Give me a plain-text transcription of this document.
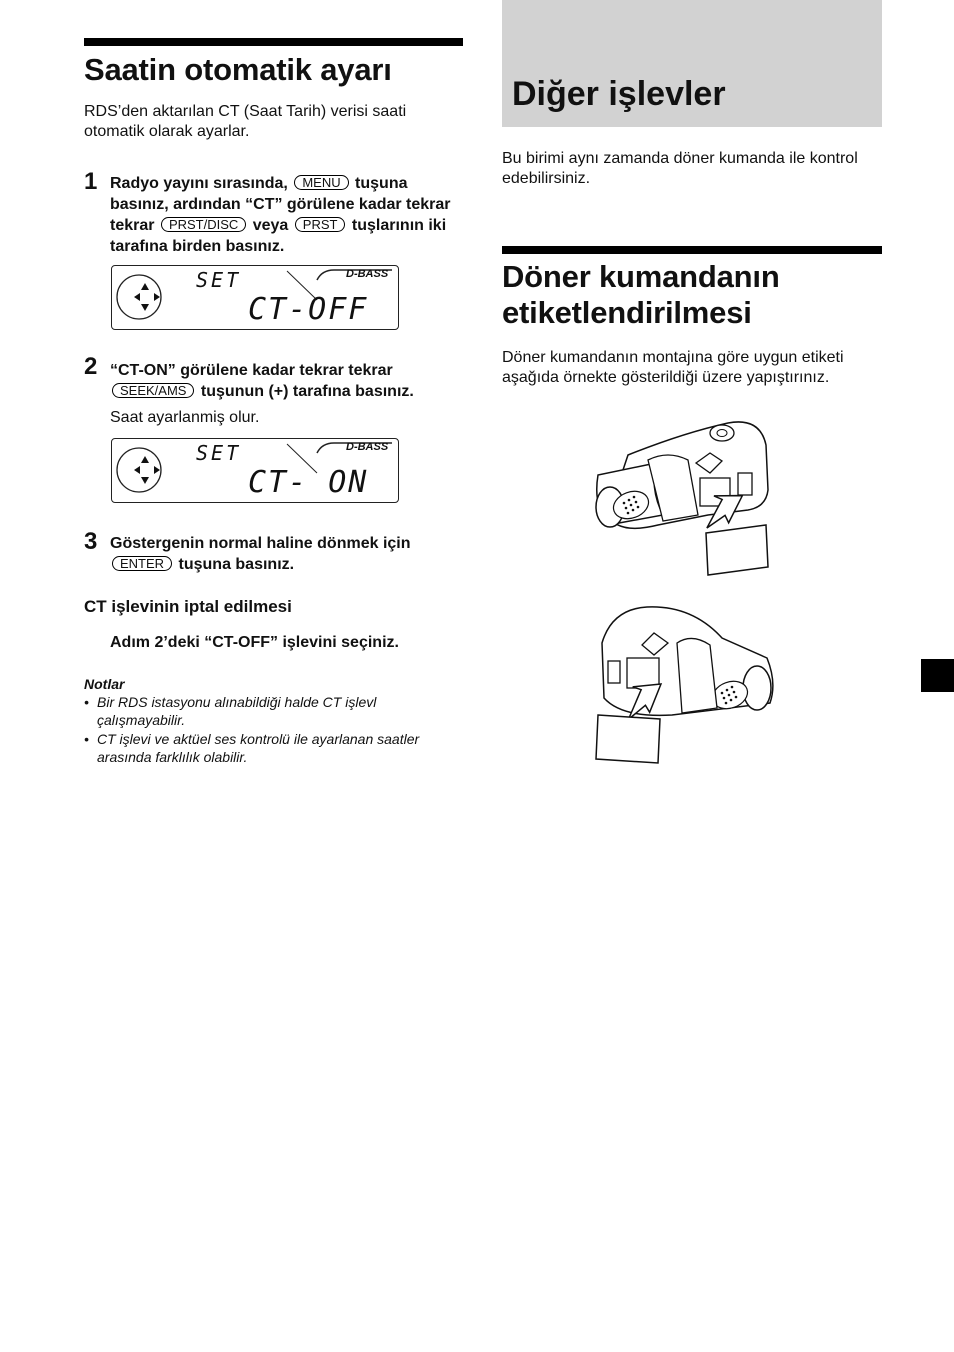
Saatin otomatik ayarı
RDS’den aktarılan CT (Saat Tarih) verisi saati otomatik olarak ayarlar.
1 Radyo yayını sırasında, MENU tuşuna basınız, ardından “CT” görülene kadar tekrar tekrar PRST/DISC veya PRST tuşlarının iki tarafına birden basınız.
SET	D-BASS
CT-OFF
2 “CT-ON” görülene kadar tekrar tekrar SEEK/AMS tuşunun (+) tarafına basınız.
Saat ayarlanmiş olur.
SET	D-BASS
CT- ON
3 Göstergenin normal haline dönmek için ENTER tuşuna basınız.
CT işlevinin iptal edilmesi
Adım 2’deki “CT-OFF” işlevini seçiniz.
Notlar
• Bir RDS istasyonu alınabildiği halde CT işlevl çalışmayabilir.
• CT işlevi ve aktüel ses kontrolü ile ayarlanan saatler arasında farklılık olabilir.
Diğer işlevler
Bu birimi aynı zamanda döner kumanda ile kontrol edebilirsiniz.
Döner kumandanın
etiketlendirilmesi
Döner kumandanın montajına göre uygun etiketi aşağıda örnekte gösterildiği üzere yapıştırınız.
